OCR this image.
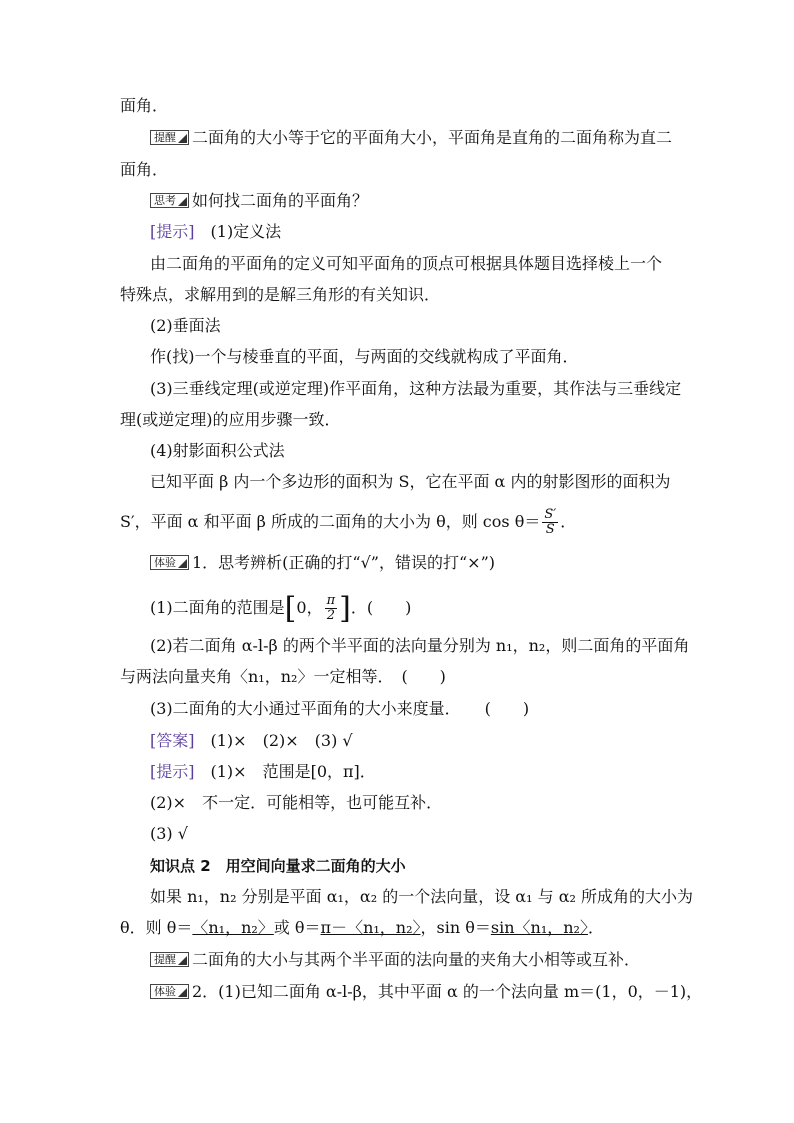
面角．
提醒 二面角的大小等于它的平面角大小，平面角是直角的二面角称为直二
面角．
思考 如何找二面角的平面角？
[提示]　 (1)定义法
由二面角的平面角的定义可知平面角的顶点可根据具体题目选择棱上一个
特殊点，求解用到的是解三角形的有关知识．
(2)垂面法
作(找)一个与棱垂直的平面，与两面的交线就构成了平面角．
(3)三垂线定理(或逆定理)作平面角，这种方法最为重要，其作法与三垂线定
理(或逆定理)的应用步骤一致．
(4)射影面积公式法
已知平面 β 内一个多边形的面积为 S，它在平面 α 内的射影图形的面积为
S′，平面 α 和平面 β 所成的二面角的大小为 θ，则 $\cos \theta= \frac{S'}{S}$ ．
体验 1．思考辨析(正确的打“√”，错误的打“×”)
(1)二面角的范围是[0， $\frac{\pi}{2}$ ]．(　　)
(2)若二面角 α-l-β 的两个半平面的法向量分别为 n₁，n₂，则二面角的平面角
与两法向量夹角〈n₁，n₂〉一定相等．　(　　)
(3)二面角的大小通过平面角的大小来度量．　　(　　)
[答案]　(1)×　(2)×　(3) √
[提示]　(1)×　范围是[0，π]．
(2)×　不一定．可能相等，也可能互补．
(3) √
知识点 2　用空间向量求二面角的大小
如果 n₁，n₂ 分别是平面 α₁，α₂ 的一个法向量，设 α₁ 与 α₂ 所成角的大小为
θ．则 θ＝〈n₁，n₂〉或 θ＝π－〈n₁，n₂〉，sin θ＝sin〈n₁，n₂〉．
提醒 二面角的大小与其两个半平面的法向量的夹角大小相等或互补．
体验 2．(1)已知二面角 α-l-β，其中平面 α 的一个法向量 m＝(1，0，－1)，
